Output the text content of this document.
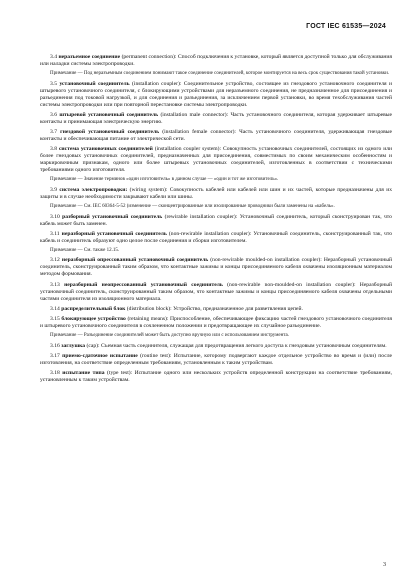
ГОСТ IEC 61535—2024
3.4 неразъемное соединение (permanent connection): Способ подключения к установке, который является доступной только для обслуживания или наладки системы электропроводки.
Примечание — Под неразъемным соединением понимают такое соединение соединителей, которое монтируется на весь срок существования такой установки.
3.5 установочный соединитель (installation coupler): Соединительное устройство, состоящее из гнездового установочного соединителя и штыревого установочного соединителя, с блокирующими устройствами для неразъемного соединения, не предназначенное для присоединения и разъединения под токовой нагрузкой, и для соединения и разъединения, за исключением первой установки, во время техобслуживания частей системы электропроводки или при повторной перестановке системы электропроводки.
3.6 штыревой установочный соединитель (installation male connector): Часть установочного соединителя, которая удерживает штыревые контакты и принимающая электрическую энергию.
3.7 гнездовой установочный соединитель (installation female connector): Часть установочного соединителя, удерживающая гнездовые контакты и обеспечивающая питание от электрической сети.
3.8 система установочных соединителей (installation coupler system): Совокупность установочных соединителей, состоящих из одного или более гнездовых установочных соединителей, предназначенных для присоединения, совместимых по своим механическим особенностям и маркировочным признакам, одного или более штыревых установочных соединителей, изготовленных в соответствии с техническими требованиями одного изготовителя.
Примечание — Значение терминов «один изготовитель» в данном случае — «один и тот же изготовитель».
3.9 система электропроводки: (wiring system): Совокупность кабелей или кабелей или шин и их частей, которые предназначены для их защиты и в случае необходимости закрывают кабели или шины.
Примечание — См. IEC 60364-5-52 (изменение — сконцентрированные или изолированные проводники были заменены на «кабель».
3.10 разборный установочный соединитель (rewirable installation coupler): Установочный соединитель, который сконструирован так, что кабель может быть заменен.
3.11 неразборный установочный соединитель (non-rewirable installation coupler): Установочный соединитель, сконструированный так, что кабель и соединитель образуют одно целое после соединения и сборки изготовителем.
Примечание — См. также 12.15.
3.12 неразборный опрессованный установочный соединитель (non-rewirable moulded-on installation coupler): Неразборный установочный соединитель, сконструированный таким образом, что контактные зажимы и концы присоединяемого кабеля охвачены изоляционным материалом методом формования.
3.13 неразборный неопрессованный установочный соединитель (non-rewirable non-moulded-on installation coupler): Неразборный установочный соединитель, сконструированный таким образом, что контактные зажимы и концы присоединяемого кабеля охвачены отдельными частями соединителя из изоляционного материала.
3.14 распределительный блок (distribution block): Устройство, предназначенное для разветвления цепей.
3.15 блокирующее устройство (retaining means): Приспособление, обеспечивающее фиксацию частей гнездового установочного соединителя и штыревого установочного соединителя в сочлененном положении и предотвращающее их случайное разъединение.
Примечание — Разъединение соединителей может быть доступно вручную или с использованием инструмента.
3.16 заглушка (cap): Съемная часть соединителя, служащая для предотвращения легкого доступа к гнездовым установочным соединителям.
3.17 приемо-сдаточное испытание (routine test): Испытание, которому подвергают каждое отдельное устройство во время и (или) после изготовления, на соответствие определенным требованиям, установленным к таким устройствам.
3.18 испытание типа (type test): Испытание одного или нескольких устройств определенной конструкции на соответствие требованиям, установленным к таким устройствам.
3
